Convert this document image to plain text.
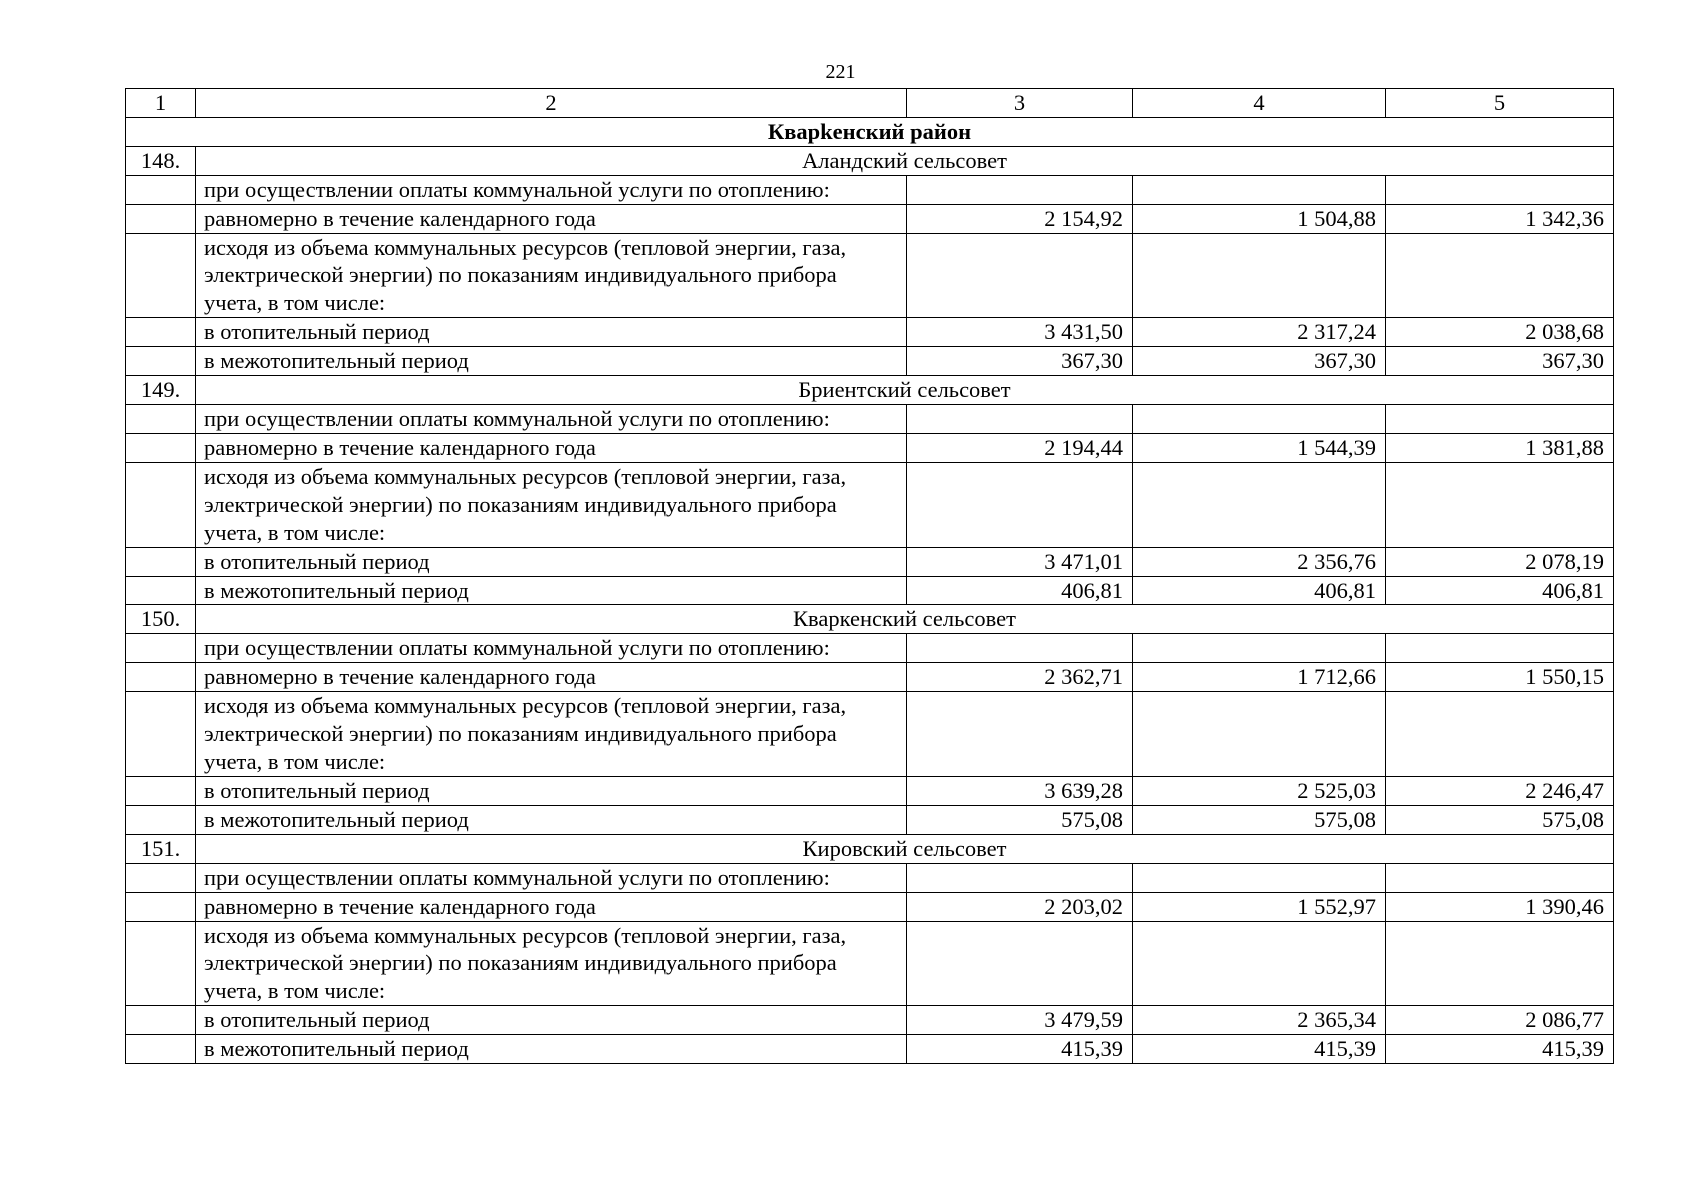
221
1	2	3	4	5
Кварkенский район				
148.	Аландский сельсовет			
	при осуществлении оплаты коммунальной услуги по отоплению:			
	равномерно в течение календарного года	2 154,92	1 504,88	1 342,36
	исходя из объема коммунальных ресурсов (тепловой энергии, газа, электрической энергии) по показаниям индивидуального прибора учета, в том числе:			
	в отопительный период	3 431,50	2 317,24	2 038,68
	в межотопительный период	367,30	367,30	367,30
149.	Бриентский сельсовет			
	при осуществлении оплаты коммунальной услуги по отоплению:			
	равномерно в течение календарного года	2 194,44	1 544,39	1 381,88
	исходя из объема коммунальных ресурсов (тепловой энергии, газа, электрической энергии) по показаниям индивидуального прибора учета, в том числе:			
	в отопительный период	3 471,01	2 356,76	2 078,19
	в межотопительный период	406,81	406,81	406,81
150.	Кваркенский сельсовет			
	при осуществлении оплаты коммунальной услуги по отоплению:			
	равномерно в течение календарного года	2 362,71	1 712,66	1 550,15
	исходя из объема коммунальных ресурсов (тепловой энергии, газа, электрической энергии) по показаниям индивидуального прибора учета, в том числе:			
	в отопительный период	3 639,28	2 525,03	2 246,47
	в межотопительный период	575,08	575,08	575,08
151.	Кировский сельсовет			
	при осуществлении оплаты коммунальной услуги по отоплению:			
	равномерно в течение календарного года	2 203,02	1 552,97	1 390,46
	исходя из объема коммунальных ресурсов (тепловой энергии, газа, электрической энергии) по показаниям индивидуального прибора учета, в том числе:			
	в отопительный период	3 479,59	2 365,34	2 086,77
	в межотопительный период	415,39	415,39	415,39
